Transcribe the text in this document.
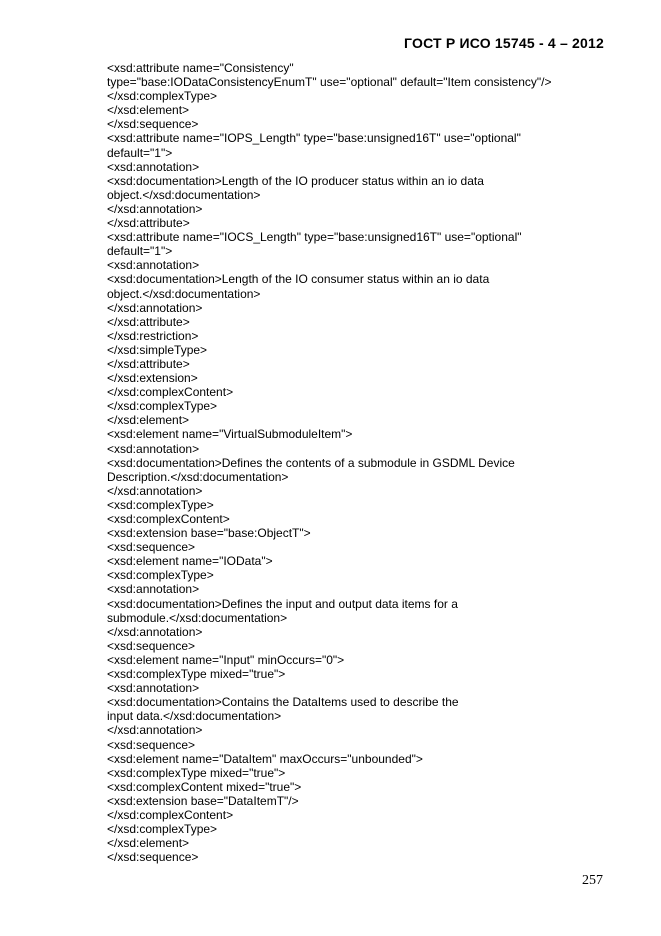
ГОСТ Р ИСО 15745 - 4 – 2012
<xsd:attribute name="Consistency"
type="base:IODataConsistencyEnumT" use="optional" default="Item consistency"/>
</xsd:complexType>
</xsd:element>
</xsd:sequence>
<xsd:attribute name="IOPS_Length" type="base:unsigned16T" use="optional"
default="1">
<xsd:annotation>
<xsd:documentation>Length of the IO producer status within an io data
object.</xsd:documentation>
</xsd:annotation>
</xsd:attribute>
<xsd:attribute name="IOCS_Length" type="base:unsigned16T" use="optional"
default="1">
<xsd:annotation>
<xsd:documentation>Length of the IO consumer status within an io data
object.</xsd:documentation>
</xsd:annotation>
</xsd:attribute>
</xsd:restriction>
</xsd:simpleType>
</xsd:attribute>
</xsd:extension>
</xsd:complexContent>
</xsd:complexType>
</xsd:element>
<xsd:element name="VirtualSubmoduleItem">
<xsd:annotation>
<xsd:documentation>Defines the contents of a submodule in GSDML Device
Description.</xsd:documentation>
</xsd:annotation>
<xsd:complexType>
<xsd:complexContent>
<xsd:extension base="base:ObjectT">
<xsd:sequence>
<xsd:element name="IOData">
<xsd:complexType>
<xsd:annotation>
<xsd:documentation>Defines the input and output data items for a
submodule.</xsd:documentation>
</xsd:annotation>
<xsd:sequence>
<xsd:element name="Input" minOccurs="0">
<xsd:complexType mixed="true">
<xsd:annotation>
<xsd:documentation>Contains the DataItems used to describe the
input data.</xsd:documentation>
</xsd:annotation>
<xsd:sequence>
<xsd:element name="DataItem" maxOccurs="unbounded">
<xsd:complexType mixed="true">
<xsd:complexContent mixed="true">
<xsd:extension base="DataItemT"/>
</xsd:complexContent>
</xsd:complexType>
</xsd:element>
</xsd:sequence>
257
